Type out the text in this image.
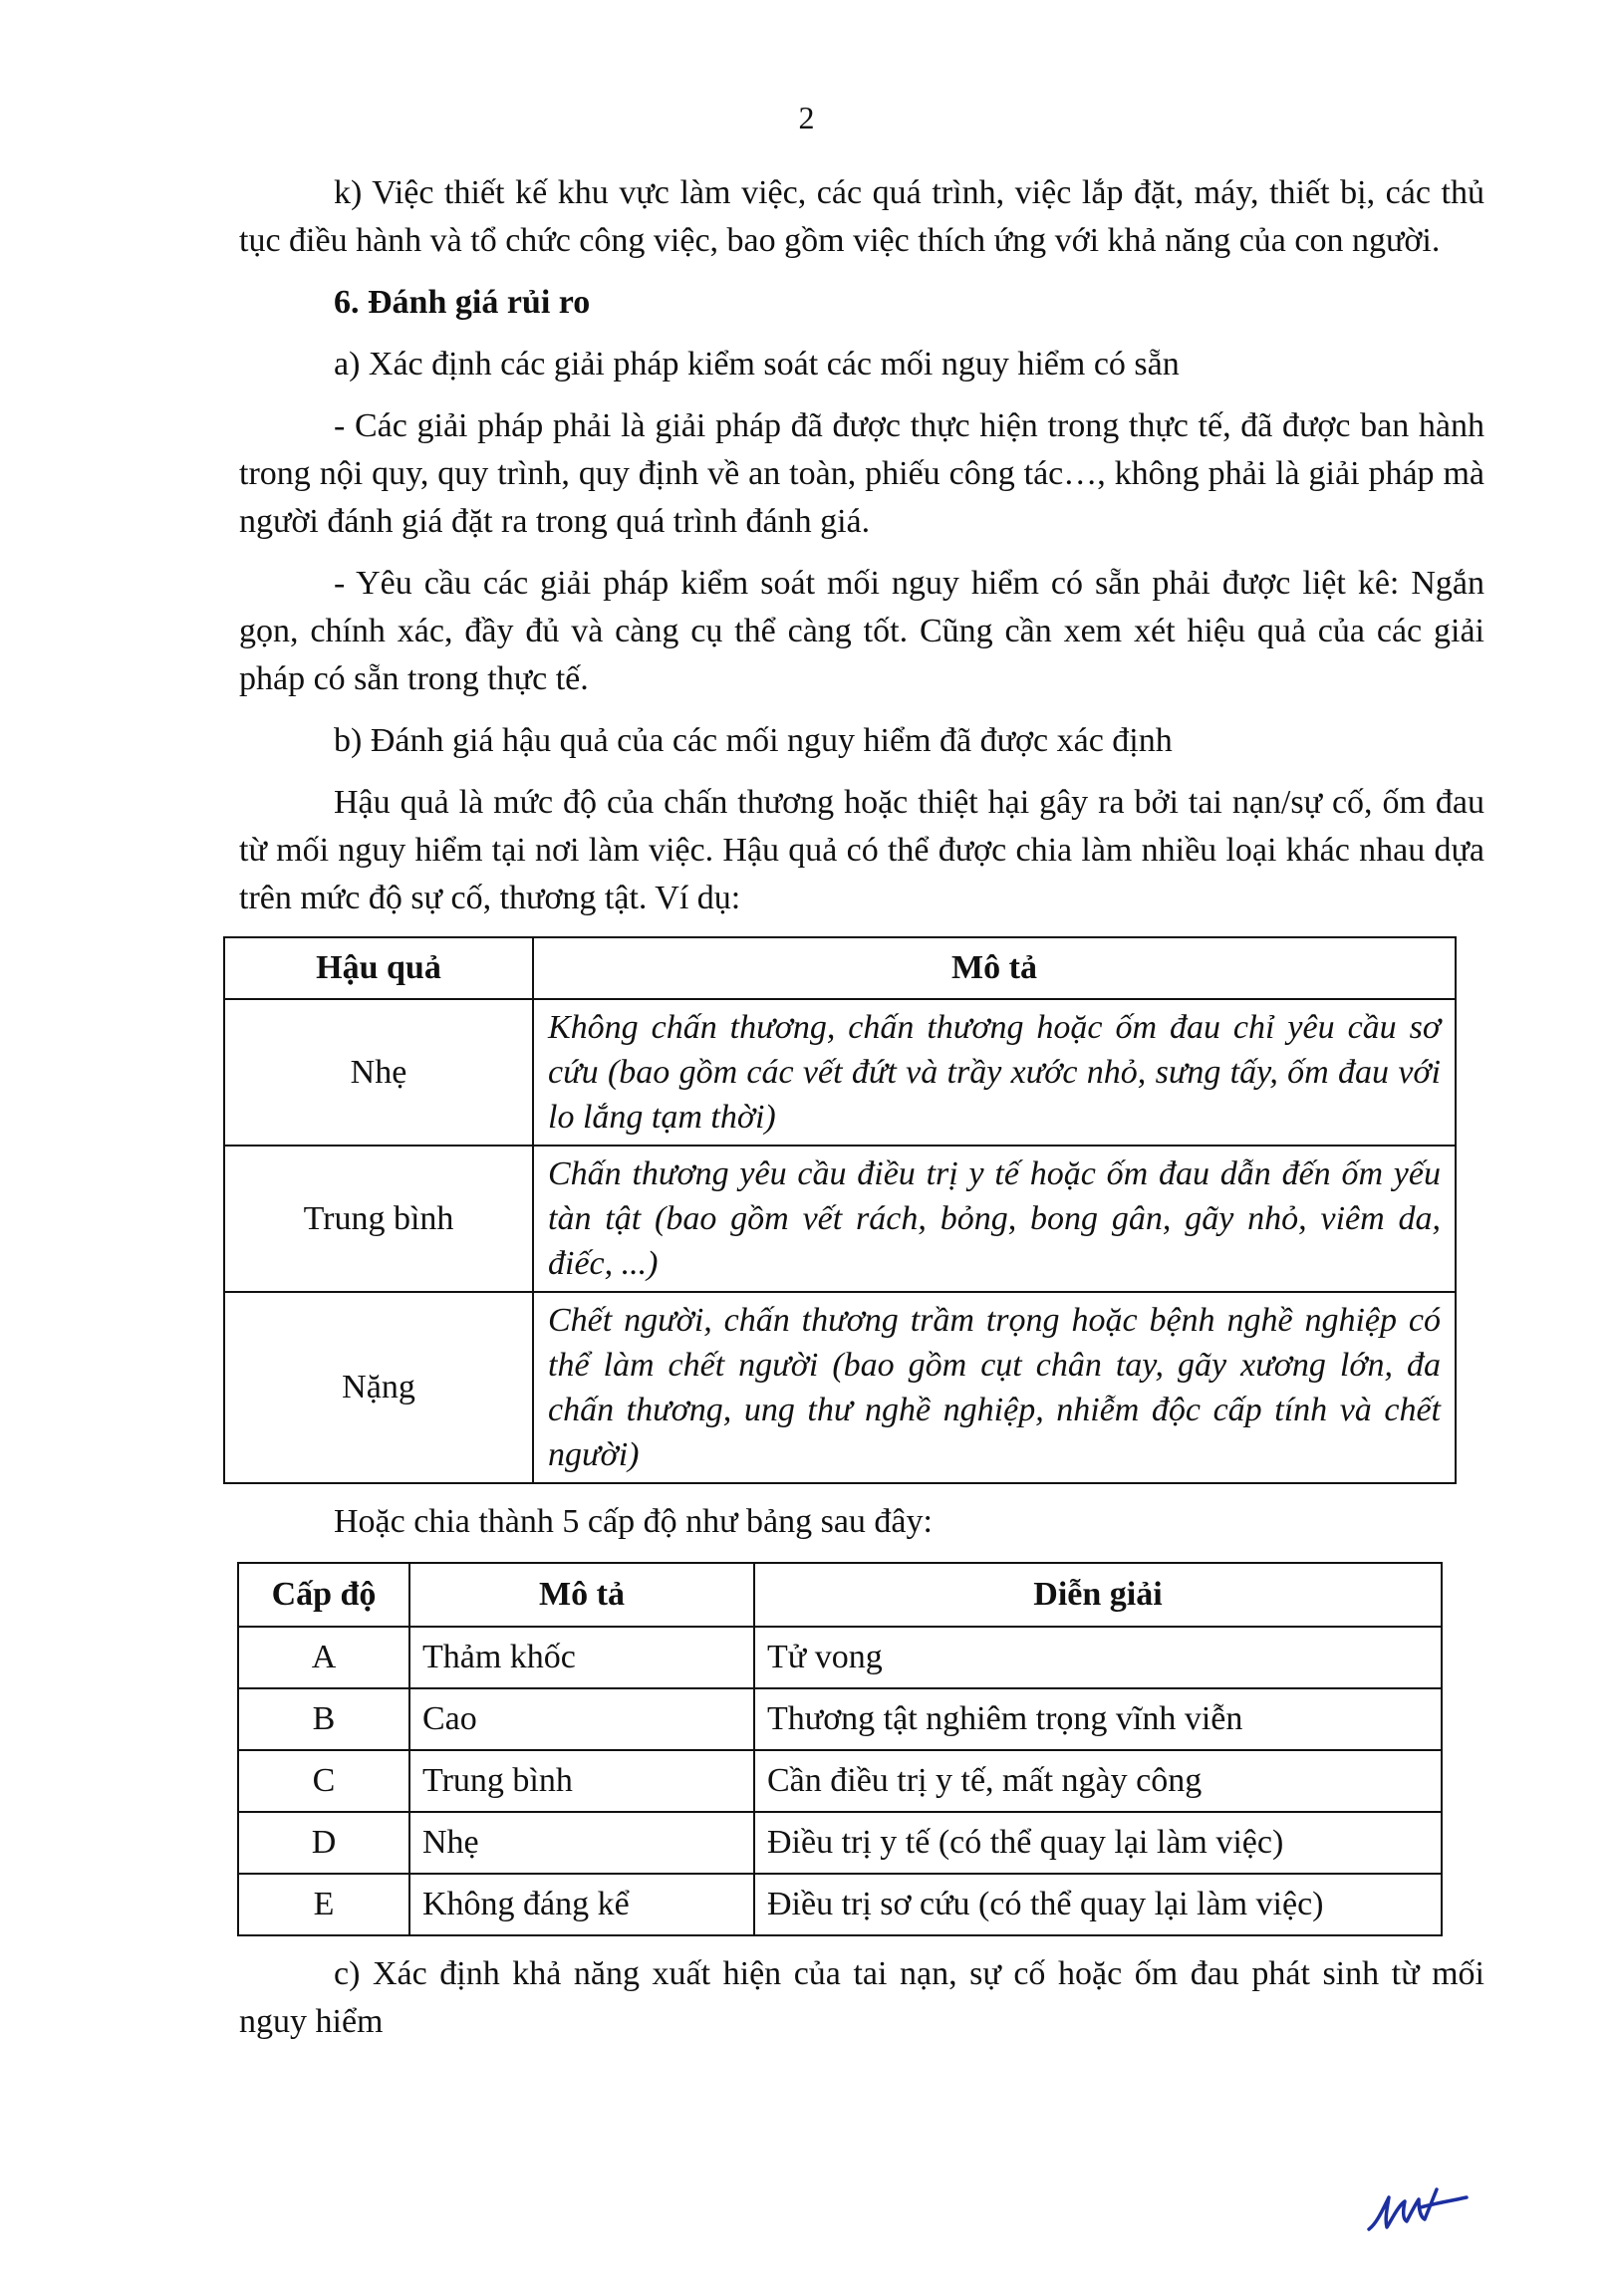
2

k) Việc thiết kế khu vực làm việc, các quá trình, việc lắp đặt, máy, thiết bị, các thủ tục điều hành và tổ chức công việc, bao gồm việc thích ứng với khả năng của con người.

6. Đánh giá rủi ro

a) Xác định các giải pháp kiểm soát các mối nguy hiểm có sẵn

- Các giải pháp phải là giải pháp đã được thực hiện trong thực tế, đã được ban hành trong nội quy, quy trình, quy định về an toàn, phiếu công tác…, không phải là giải pháp mà người đánh giá đặt ra trong quá trình đánh giá.

- Yêu cầu các giải pháp kiểm soát mối nguy hiểm có sẵn phải được liệt kê: Ngắn gọn, chính xác, đầy đủ và càng cụ thể càng tốt. Cũng cần xem xét hiệu quả của các giải pháp có sẵn trong thực tế.

b) Đánh giá hậu quả của các mối nguy hiểm đã được xác định

Hậu quả là mức độ của chấn thương hoặc thiệt hại gây ra bởi tai nạn/sự cố, ốm đau từ mối nguy hiểm tại nơi làm việc. Hậu quả có thể được chia làm nhiều loại khác nhau dựa trên mức độ sự cố, thương tật. Ví dụ:

Hậu quả	Mô tả
Nhẹ	Không chấn thương, chấn thương hoặc ốm đau chỉ yêu cầu sơ cứu (bao gồm các vết đứt và trầy xước nhỏ, sưng tấy, ốm đau với lo lắng tạm thời)
Trung bình	Chấn thương yêu cầu điều trị y tế hoặc ốm đau dẫn đến ốm yếu tàn tật (bao gồm vết rách, bỏng, bong gân, gãy nhỏ, viêm da, điếc, ...)
Nặng	Chết người, chấn thương trầm trọng hoặc bệnh nghề nghiệp có thể làm chết người (bao gồm cụt chân tay, gãy xương lớn, đa chấn thương, ung thư nghề nghiệp, nhiễm độc cấp tính và chết người)

Hoặc chia thành 5 cấp độ như bảng sau đây:

Cấp độ	Mô tả	Diễn giải
A	Thảm khốc	Tử vong
B	Cao	Thương tật nghiêm trọng vĩnh viễn
C	Trung bình	Cần điều trị y tế, mất ngày công
D	Nhẹ	Điều trị y tế (có thể quay lại làm việc)
E	Không đáng kể	Điều trị sơ cứu (có thể quay lại làm việc)

c) Xác định khả năng xuất hiện của tai nạn, sự cố hoặc ốm đau phát sinh từ mối nguy hiểm
